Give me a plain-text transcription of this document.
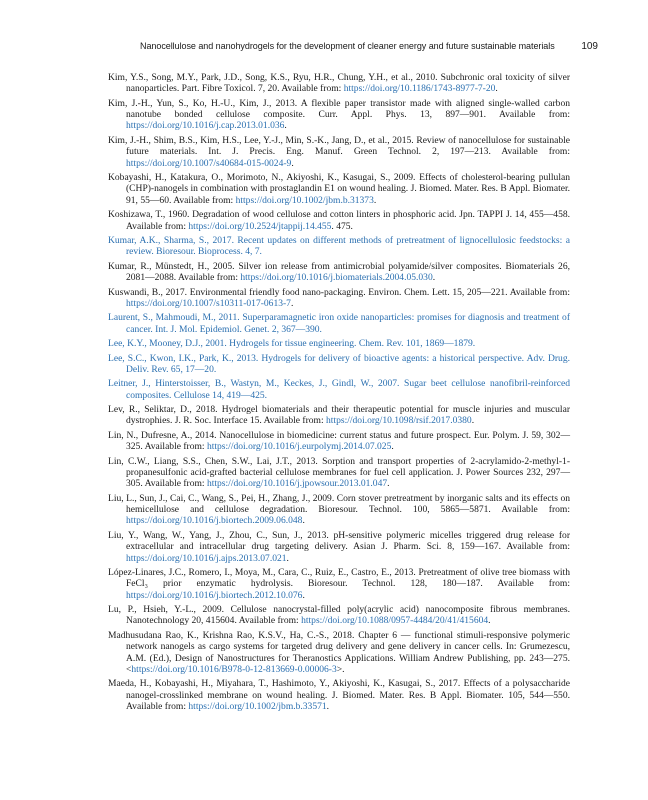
Nanocellulose and nanohydrogels for the development of cleaner energy and future sustainable materials	109

Kim, Y.S., Song, M.Y., Park, J.D., Song, K.S., Ryu, H.R., Chung, Y.H., et al., 2010. Subchronic oral toxicity of silver nanoparticles. Part. Fibre Toxicol. 7, 20. Available from: https://doi.org/10.1186/1743-8977-7-20.

Kim, J.-H., Yun, S., Ko, H.-U., Kim, J., 2013. A flexible paper transistor made with aligned single-walled carbon nanotube bonded cellulose composite. Curr. Appl. Phys. 13, 897—901. Available from: https://doi.org/10.1016/j.cap.2013.01.036.

Kim, J.-H., Shim, B.S., Kim, H.S., Lee, Y.-J., Min, S.-K., Jang, D., et al., 2015. Review of nanocellulose for sustainable future materials. Int. J. Precis. Eng. Manuf. Green Technol. 2, 197—213. Available from: https://doi.org/10.1007/s40684-015-0024-9.

Kobayashi, H., Katakura, O., Morimoto, N., Akiyoshi, K., Kasugai, S., 2009. Effects of cholesterol-bearing pullulan (CHP)-nanogels in combination with prostaglandin E1 on wound healing. J. Biomed. Mater. Res. B Appl. Biomater. 91, 55—60. Available from: https://doi.org/10.1002/jbm.b.31373.

Koshizawa, T., 1960. Degradation of wood cellulose and cotton linters in phosphoric acid. Jpn. TAPPI J. 14, 455—458. Available from: https://doi.org/10.2524/jtappij.14.455. 475.

Kumar, A.K., Sharma, S., 2017. Recent updates on different methods of pretreatment of lignocellulosic feedstocks: a review. Bioresour. Bioprocess. 4, 7.

Kumar, R., Münstedt, H., 2005. Silver ion release from antimicrobial polyamide/silver composites. Biomaterials 26, 2081—2088. Available from: https://doi.org/10.1016/j.biomaterials.2004.05.030.

Kuswandi, B., 2017. Environmental friendly food nano-packaging. Environ. Chem. Lett. 15, 205—221. Available from: https://doi.org/10.1007/s10311-017-0613-7.

Laurent, S., Mahmoudi, M., 2011. Superparamagnetic iron oxide nanoparticles: promises for diagnosis and treatment of cancer. Int. J. Mol. Epidemiol. Genet. 2, 367—390.

Lee, K.Y., Mooney, D.J., 2001. Hydrogels for tissue engineering. Chem. Rev. 101, 1869—1879.

Lee, S.C., Kwon, I.K., Park, K., 2013. Hydrogels for delivery of bioactive agents: a historical perspective. Adv. Drug. Deliv. Rev. 65, 17—20.

Leitner, J., Hinterstoisser, B., Wastyn, M., Keckes, J., Gindl, W., 2007. Sugar beet cellulose nanofibril-reinforced composites. Cellulose 14, 419—425.

Lev, R., Seliktar, D., 2018. Hydrogel biomaterials and their therapeutic potential for muscle injuries and muscular dystrophies. J. R. Soc. Interface 15. Available from: https://doi.org/10.1098/rsif.2017.0380.

Lin, N., Dufresne, A., 2014. Nanocellulose in biomedicine: current status and future prospect. Eur. Polym. J. 59, 302—325. Available from: https://doi.org/10.1016/j.eurpolymj.2014.07.025.

Lin, C.W., Liang, S.S., Chen, S.W., Lai, J.T., 2013. Sorption and transport properties of 2-acrylamido-2-methyl-1-propanesulfonic acid-grafted bacterial cellulose membranes for fuel cell application. J. Power Sources 232, 297—305. Available from: https://doi.org/10.1016/j.jpowsour.2013.01.047.

Liu, L., Sun, J., Cai, C., Wang, S., Pei, H., Zhang, J., 2009. Corn stover pretreatment by inorganic salts and its effects on hemicellulose and cellulose degradation. Bioresour. Technol. 100, 5865—5871. Available from: https://doi.org/10.1016/j.biortech.2009.06.048.

Liu, Y., Wang, W., Yang, J., Zhou, C., Sun, J., 2013. pH-sensitive polymeric micelles triggered drug release for extracellular and intracellular drug targeting delivery. Asian J. Pharm. Sci. 8, 159—167. Available from: https://doi.org/10.1016/j.ajps.2013.07.021.

López-Linares, J.C., Romero, I., Moya, M., Cara, C., Ruiz, E., Castro, E., 2013. Pretreatment of olive tree biomass with FeCl₃ prior enzymatic hydrolysis. Bioresour. Technol. 128, 180—187. Available from: https://doi.org/10.1016/j.biortech.2012.10.076.

Lu, P., Hsieh, Y.-L., 2009. Cellulose nanocrystal-filled poly(acrylic acid) nanocomposite fibrous membranes. Nanotechnology 20, 415604. Available from: https://doi.org/10.1088/0957-4484/20/41/415604.

Madhusudana Rao, K., Krishna Rao, K.S.V., Ha, C.-S., 2018. Chapter 6 — functional stimuli-responsive polymeric network nanogels as cargo systems for targeted drug delivery and gene delivery in cancer cells. In: Grumezescu, A.M. (Ed.), Design of Nanostructures for Theranostics Applications. William Andrew Publishing, pp. 243—275. <https://doi.org/10.1016/B978-0-12-813669-0.00006-3>.

Maeda, H., Kobayashi, H., Miyahara, T., Hashimoto, Y., Akiyoshi, K., Kasugai, S., 2017. Effects of a polysaccharide nanogel-crosslinked membrane on wound healing. J. Biomed. Mater. Res. B Appl. Biomater. 105, 544—550. Available from: https://doi.org/10.1002/jbm.b.33571.
